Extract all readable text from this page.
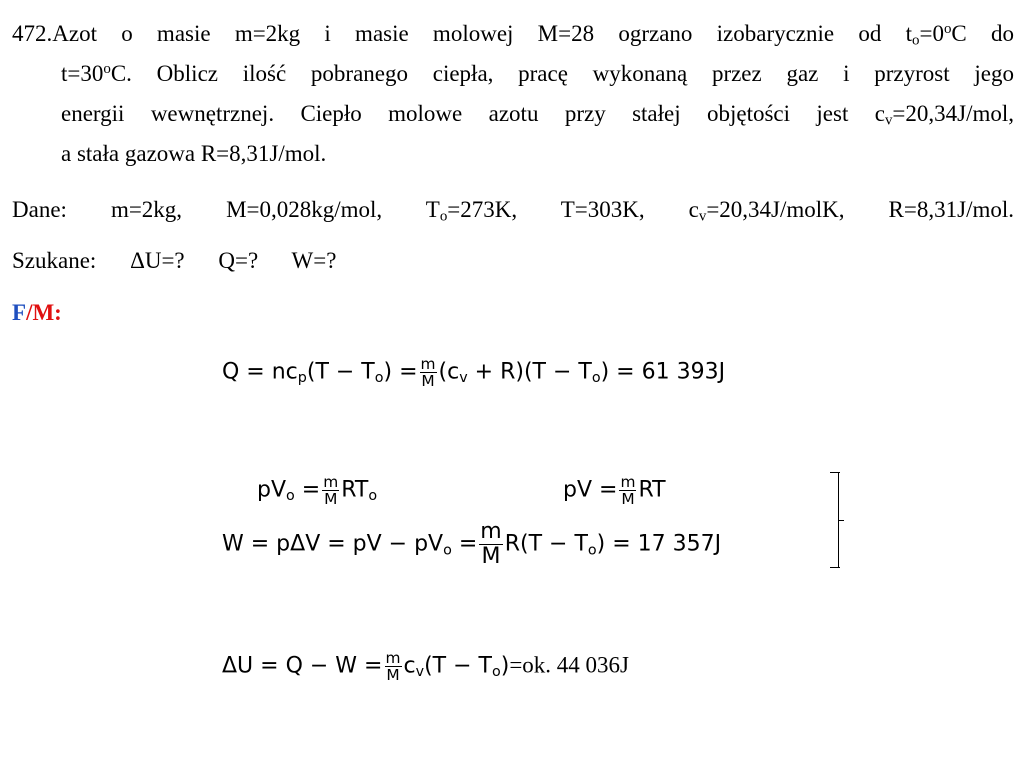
472.Azot o masie m=2kg i masie molowej M=28 ogrzano izobarycznie od $t_o=0^oC$ do
$t=30^oC$. Oblicz ilość pobranego ciepła, pracę wykonaną przez gaz i przyrost jego
energii wewnętrznej. Ciepło molowe azotu przy stałej objętości jest $c_v=20,34J$/mol,
a stała gazowa R=8,31J/mol.
Dane: m=2kg, M=0,028kg/mol, $T_o=273K$, T=303K, $c_v=20,34J$/molK, R=8,31J/mol.
Szukane: ΔU=? Q=? W=?
F/M:
$Q = nc_p(T - T_o) = \frac{m}{M} (c_v + R)(T - T_o) = 61$ 393J
$pV_o = \frac{m}{M} RT_o$	pV = $\frac{m}{M}$ RT
W = pΔV = pV − $pV_o = \frac{m}{M} R(T - T_o) = 17$ 357J
$\Delta U = Q - W = \frac{m}{M} c_v(T - T_o)=ok$. 44 036J
